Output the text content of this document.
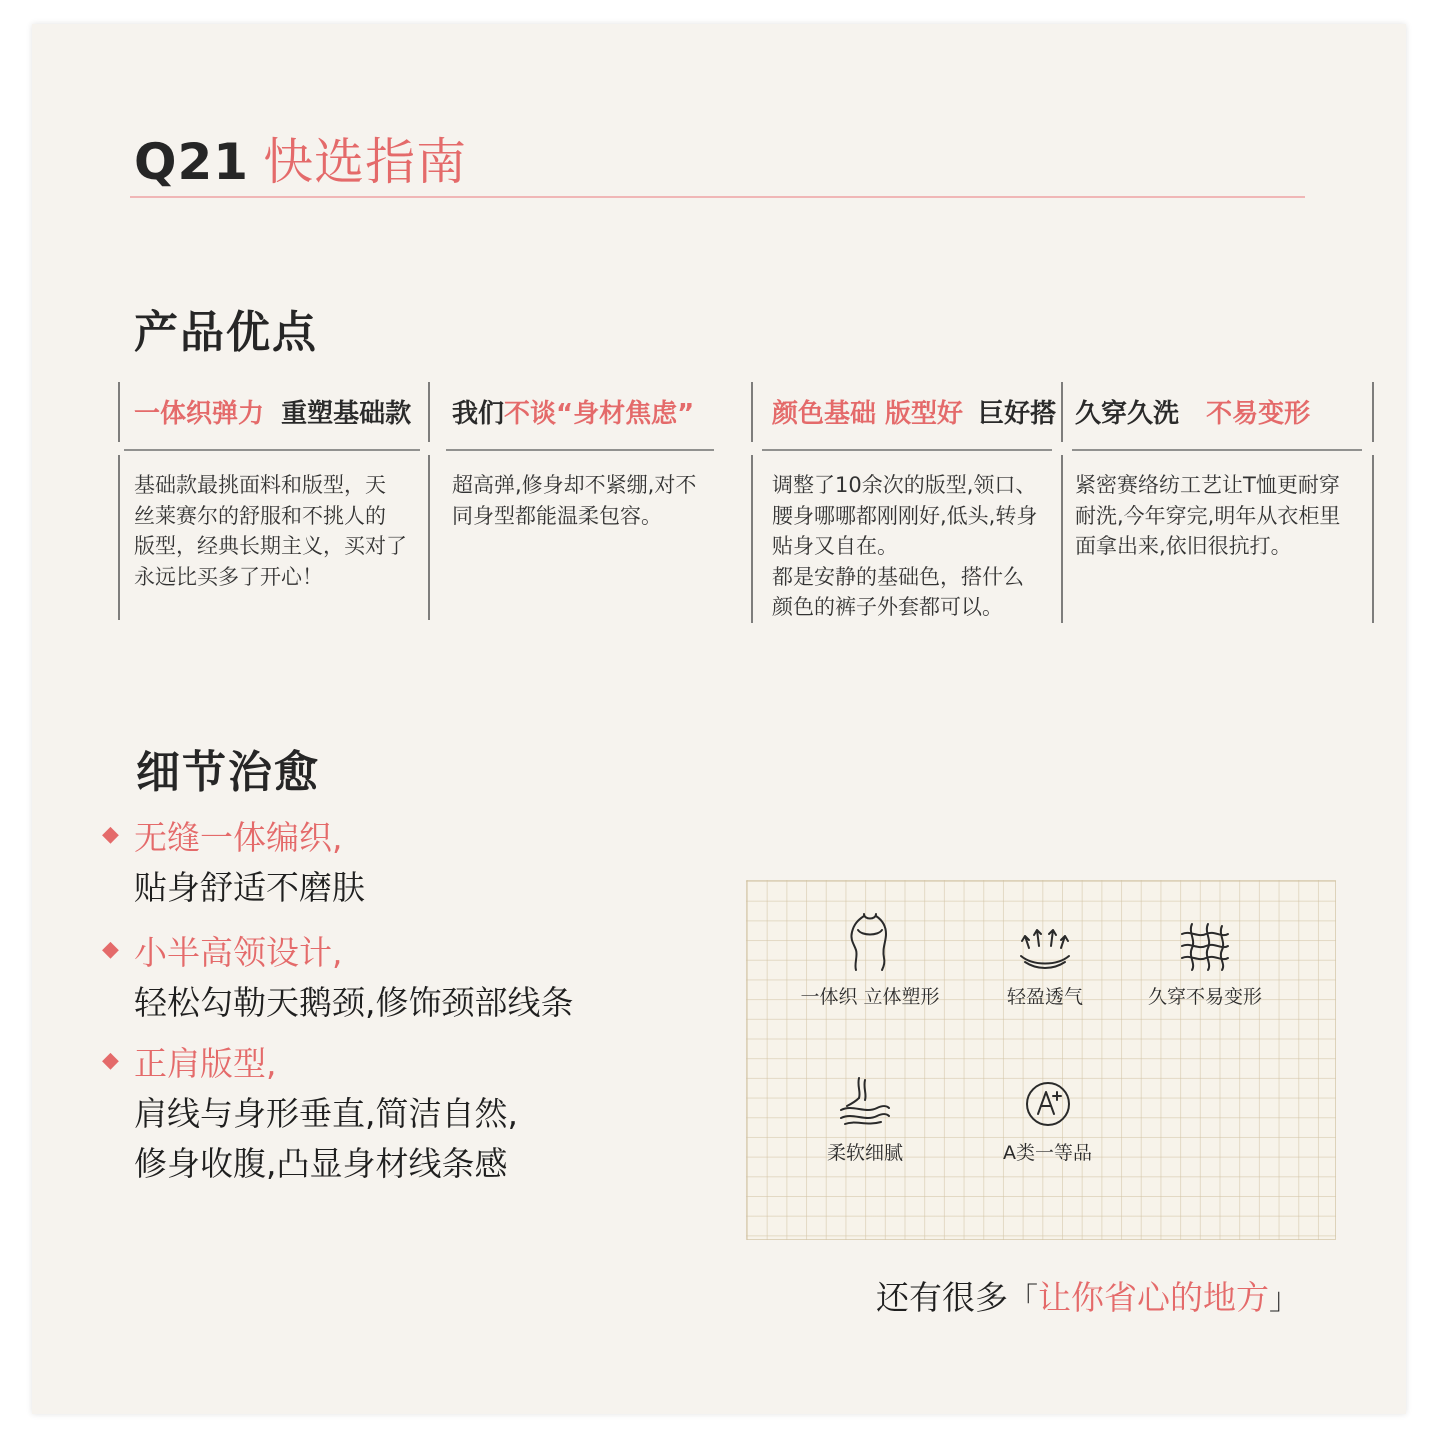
Q21 快选指南
产品优点
一体织弹力 重塑基础款
基础款最挑面料和版型，天
丝莱赛尔的舒服和不挑人的
版型，经典长期主义，买对了
永远比买多了开心！
我们不谈“身材焦虑”
超高弹,修身却不紧绷,对不
同身型都能温柔包容。
颜色基础 版型好 巨好搭
调整了10余次的版型,领口、
腰身哪哪都刚刚好,低头,转身
贴身又自在。
都是安静的基础色，搭什么
颜色的裤子外套都可以。
久穿久洗 不易变形
紧密赛络纺工艺让T恤更耐穿
耐洗,今年穿完,明年从衣柜里
面拿出来,依旧很抗打。
细节治愈
◆ 无缝一体编织,
贴身舒适不磨肤
◆ 小半高领设计,
轻松勾勒天鹅颈,修饰颈部线条
◆ 正肩版型,
肩线与身形垂直,简洁自然,
修身收腹,凸显身材线条感
一体织 立体塑形	轻盈透气	久穿不易变形
柔软细腻	A类一等品
还有很多「让你省心的地方」
